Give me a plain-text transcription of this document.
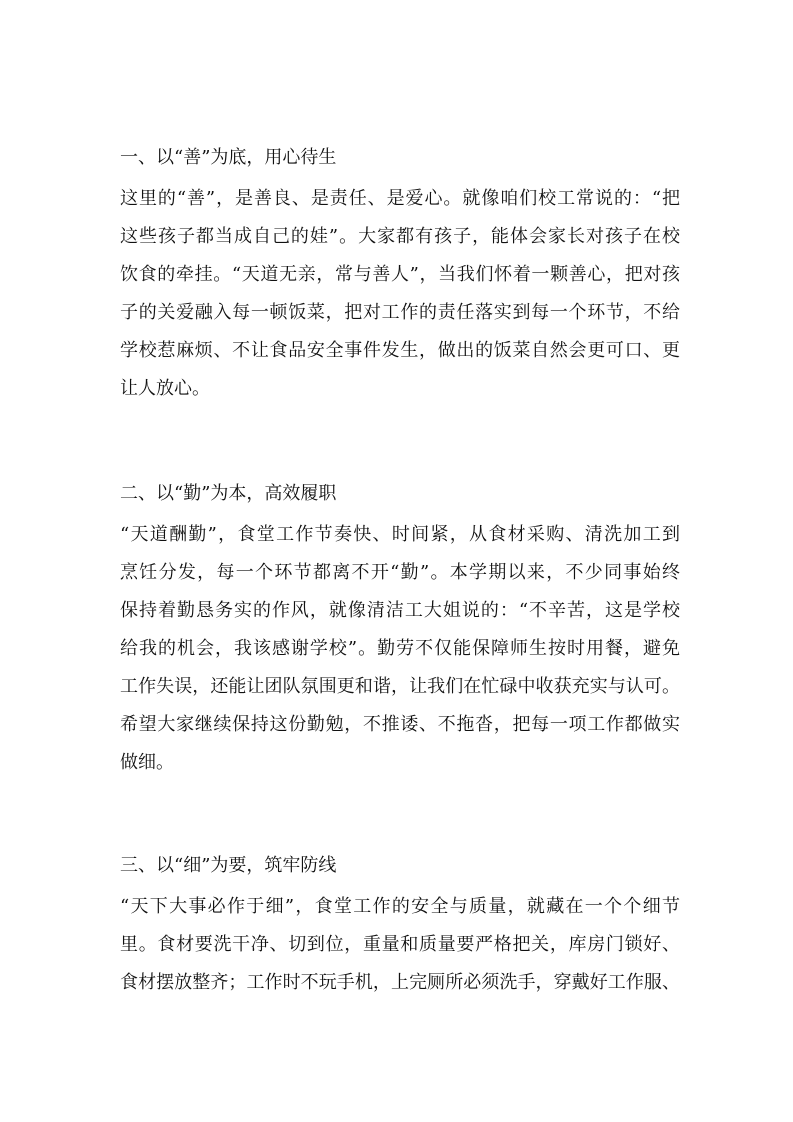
一、以“善”为底，用心待生
这里的“善”，是善良、是责任、是爱心。就像咱们校工常说的：“把
这些孩子都当成自己的娃”。大家都有孩子，能体会家长对孩子在校
饮食的牵挂。“天道无亲，常与善人”，当我们怀着一颗善心，把对孩
子的关爱融入每一顿饭菜，把对工作的责任落实到每一个环节，不给
学校惹麻烦、不让食品安全事件发生，做出的饭菜自然会更可口、更
让人放心。
二、以“勤”为本，高效履职
“天道酬勤”，食堂工作节奏快、时间紧，从食材采购、清洗加工到
烹饪分发，每一个环节都离不开“勤”。本学期以来，不少同事始终
保持着勤恳务实的作风，就像清洁工大姐说的：“不辛苦，这是学校
给我的机会，我该感谢学校”。勤劳不仅能保障师生按时用餐，避免
工作失误，还能让团队氛围更和谐，让我们在忙碌中收获充实与认可。
希望大家继续保持这份勤勉，不推诿、不拖沓，把每一项工作都做实
做细。
三、以“细”为要，筑牢防线
“天下大事必作于细”，食堂工作的安全与质量，就藏在一个个细节
里。食材要洗干净、切到位，重量和质量要严格把关，库房门锁好、
食材摆放整齐；工作时不玩手机，上完厕所必须洗手，穿戴好工作服、
